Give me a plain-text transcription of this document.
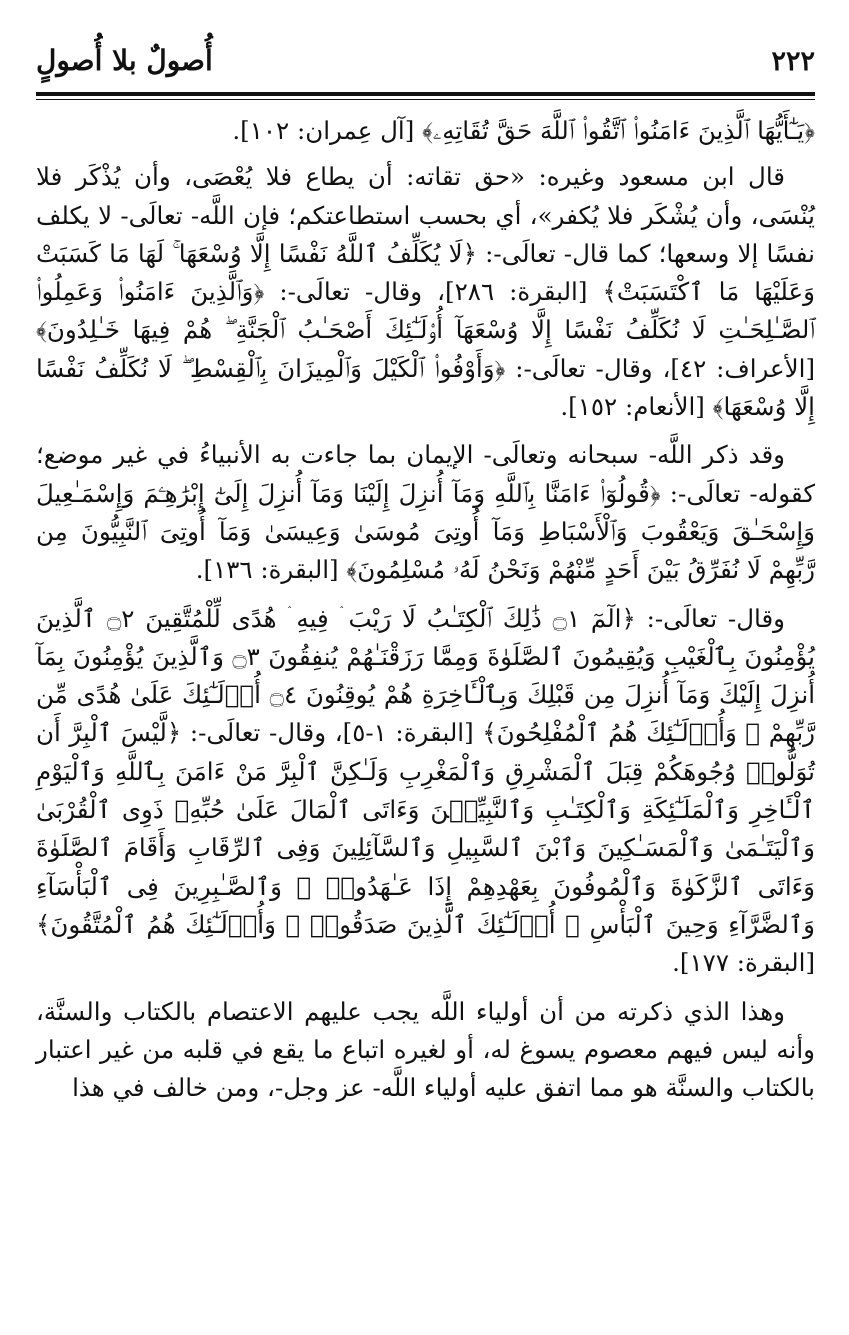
٢٢٢
أُصولٌ بلا أُصولٍ

﴿يَـٰٓأَيُّهَا ٱلَّذِينَ ءَامَنُوا۟ ٱتَّقُوا۟ ٱللَّهَ حَقَّ تُقَاتِهِۦ﴾ [آل عِمران: ١٠٢].

قال ابن مسعود وغيره: «حق تقاته: أن يطاع فلا يُعْصَى، وأن يُذْكَر فلا يُنْسَى، وأن يُشْكَر فلا يُكفر»، أي بحسب استطاعتكم؛ فإن اللَّه- تعالَى- لا يكلف نفسًا إلا وسعها؛ كما قال- تعالَى-: ﴿لَا يُكَلِّفُ ٱللَّهُ نَفْسًا إِلَّا وُسْعَهَا ۚ لَهَا مَا كَسَبَتْ وَعَلَيْهَا مَا ٱكْتَسَبَتْ﴾ [البقرة: ٢٨٦]، وقال- تعالَى-: ﴿وَٱلَّذِينَ ءَامَنُوا۟ وَعَمِلُوا۟ ٱلصَّـٰلِحَـٰتِ لَا نُكَلِّفُ نَفْسًا إِلَّا وُسْعَهَآ أُو۟لَـٰٓئِكَ أَصْحَـٰبُ ٱلْجَنَّةِ ۖ هُمْ فِيهَا خَـٰلِدُونَ﴾ [الأعراف: ٤٢]، وقال- تعالَى-: ﴿وَأَوْفُوا۟ ٱلْكَيْلَ وَٱلْمِيزَانَ بِٱلْقِسْطِ ۖ لَا نُكَلِّفُ نَفْسًا إِلَّا وُسْعَهَا﴾ [الأنعام: ١٥٢].

وقد ذكر اللَّه- سبحانه وتعالَى- الإيمان بما جاءت به الأنبياءُ في غير موضع؛ كقوله- تعالَى-: ﴿قُولُوٓا۟ ءَامَنَّا بِٱللَّهِ وَمَآ أُنزِلَ إِلَيْنَا وَمَآ أُنزِلَ إِلَىٰٓ إِبْرَٰهِـۧمَ وَإِسْمَـٰعِيلَ وَإِسْحَـٰقَ وَيَعْقُوبَ وَٱلْأَسْبَاطِ وَمَآ أُوتِىَ مُوسَىٰ وَعِيسَىٰ وَمَآ أُوتِىَ ٱلنَّبِيُّونَ مِن رَّبِّهِمْ لَا نُفَرِّقُ بَيْنَ أَحَدٍ مِّنْهُمْ وَنَحْنُ لَهُۥ مُسْلِمُونَ﴾ [البقرة: ١٣٦].

وقال- تعالَى-: ﴿الٓمٓ ۝١ ذَٰلِكَ ٱلْكِتَـٰبُ لَا رَيْبَ ۛ فِيهِ ۛ هُدًى لِّلْمُتَّقِينَ ۝٢ ٱلَّذِينَ يُؤْمِنُونَ بِٱلْغَيْبِ وَيُقِيمُونَ ٱلصَّلَوٰةَ وَمِمَّا رَزَقْنَـٰهُمْ يُنفِقُونَ ۝٣ وَٱلَّذِينَ يُؤْمِنُونَ بِمَآ أُنزِلَ إِلَيْكَ وَمَآ أُنزِلَ مِن قَبْلِكَ وَبِٱلْـَٔاخِرَةِ هُمْ يُوقِنُونَ ۝٤ أُو۟لَـٰٓئِكَ عَلَىٰ هُدًى مِّن رَّبِّهِمْ ۖ وَأُو۟لَـٰٓئِكَ هُمُ ٱلْمُفْلِحُونَ﴾ [البقرة: ١-٥]، وقال- تعالَى-: ﴿لَّيْسَ ٱلْبِرَّ أَن تُوَلُّوا۟ وُجُوهَكُمْ قِبَلَ ٱلْمَشْرِقِ وَٱلْمَغْرِبِ وَلَـٰكِنَّ ٱلْبِرَّ مَنْ ءَامَنَ بِٱللَّهِ وَٱلْيَوْمِ ٱلْـَٔاخِرِ وَٱلْمَلَـٰٓئِكَةِ وَٱلْكِتَـٰبِ وَٱلنَّبِيِّـۧنَ وَءَاتَى ٱلْمَالَ عَلَىٰ حُبِّهِۦ ذَوِى ٱلْقُرْبَىٰ وَٱلْيَتَـٰمَىٰ وَٱلْمَسَـٰكِينَ وَٱبْنَ ٱلسَّبِيلِ وَٱلسَّآئِلِينَ وَفِى ٱلرِّقَابِ وَأَقَامَ ٱلصَّلَوٰةَ وَءَاتَى ٱلزَّكَوٰةَ وَٱلْمُوفُونَ بِعَهْدِهِمْ إِذَا عَـٰهَدُوا۟ ۖ وَٱلصَّـٰبِرِينَ فِى ٱلْبَأْسَآءِ وَٱلضَّرَّآءِ وَحِينَ ٱلْبَأْسِ ۗ أُو۟لَـٰٓئِكَ ٱلَّذِينَ صَدَقُوا۟ ۖ وَأُو۟لَـٰٓئِكَ هُمُ ٱلْمُتَّقُونَ﴾ [البقرة: ١٧٧].

وهذا الذي ذكرته من أن أولياء اللَّه يجب عليهم الاعتصام بالكتاب والسنَّة، وأنه ليس فيهم معصوم يسوغ له، أو لغيره اتباع ما يقع في قلبه من غير اعتبار بالكتاب والسنَّة هو مما اتفق عليه أولياء اللَّه- عز وجل-، ومن خالف في هذا
